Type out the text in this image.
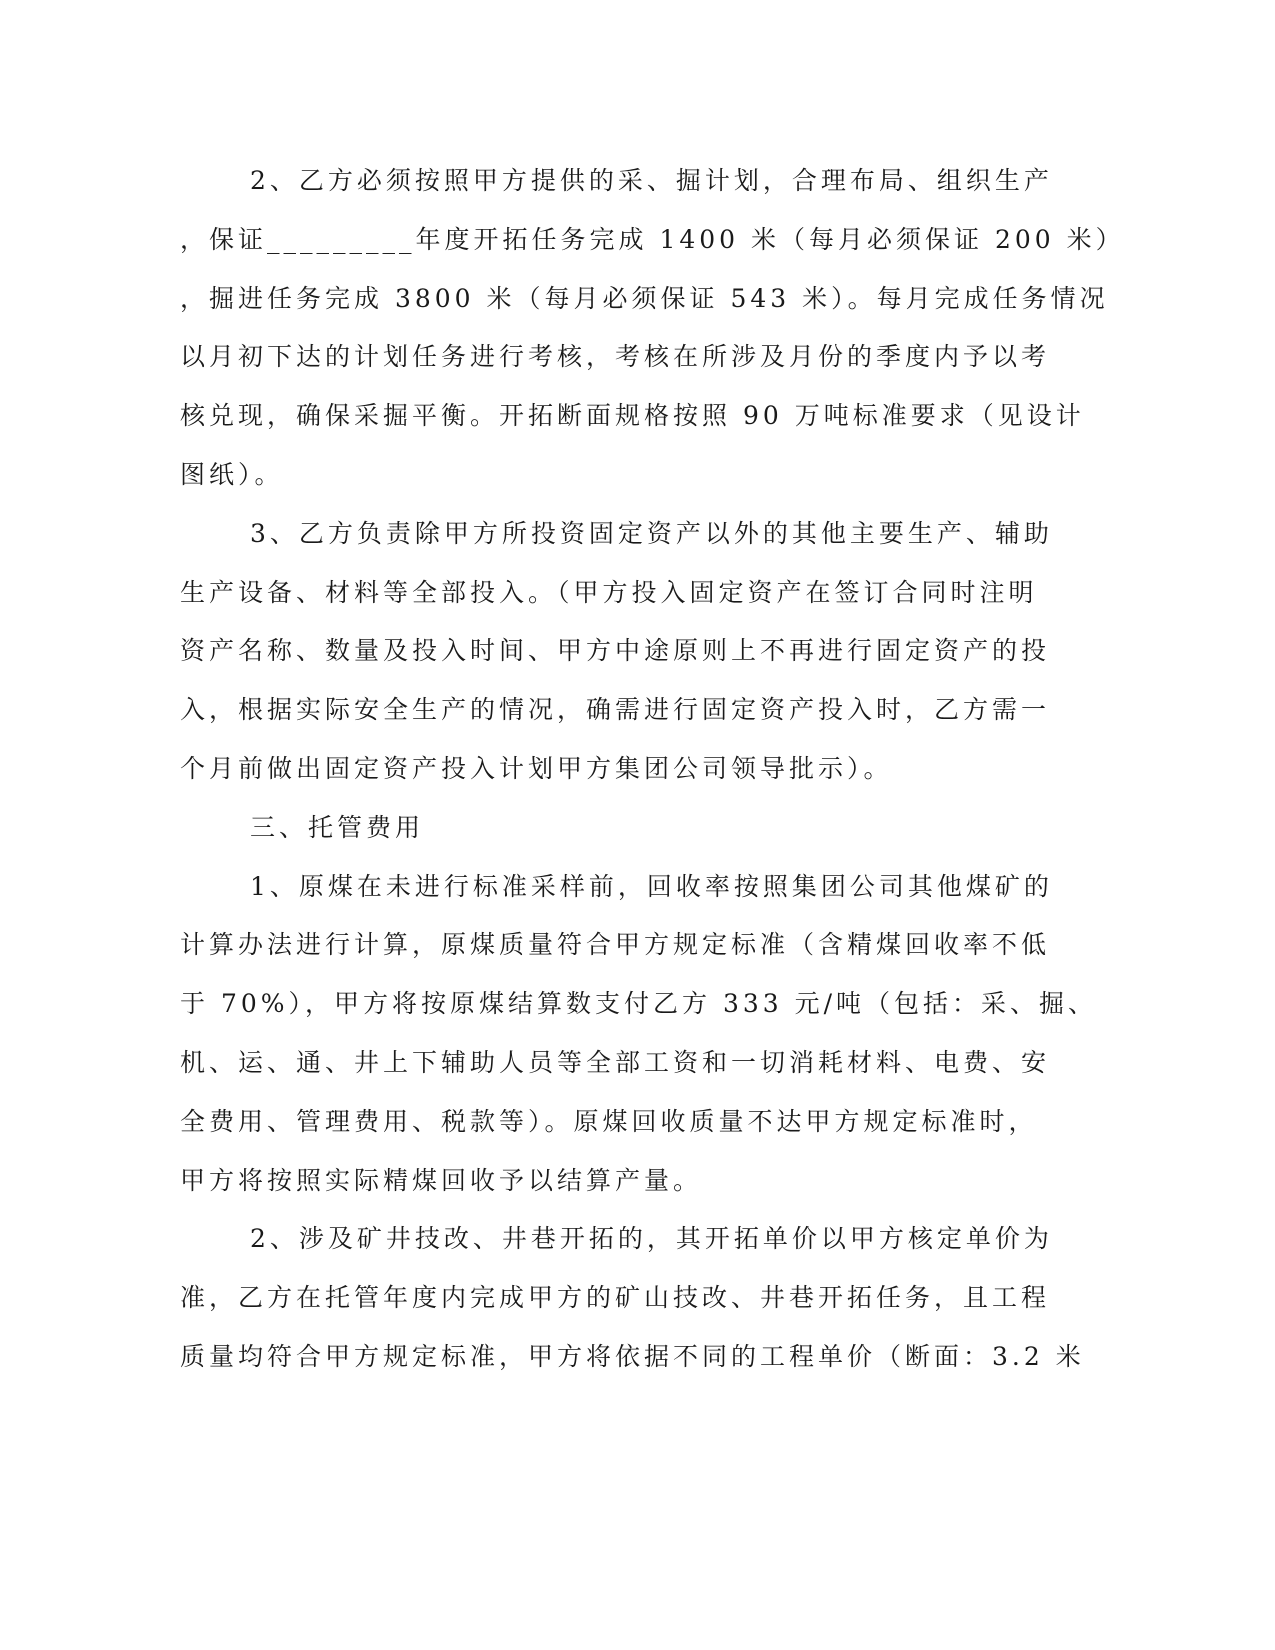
2、乙方必须按照甲方提供的采、掘计划，合理布局、组织生产
，保证_________年度开拓任务完成 1400 米（每月必须保证 200 米）
，掘进任务完成 3800 米（每月必须保证 543 米）。每月完成任务情况
以月初下达的计划任务进行考核，考核在所涉及月份的季度内予以考
核兑现，确保采掘平衡。开拓断面规格按照 90 万吨标准要求（见设计
图纸）。
3、乙方负责除甲方所投资固定资产以外的其他主要生产、辅助
生产设备、材料等全部投入。（甲方投入固定资产在签订合同时注明
资产名称、数量及投入时间、甲方中途原则上不再进行固定资产的投
入，根据实际安全生产的情况，确需进行固定资产投入时，乙方需一
个月前做出固定资产投入计划甲方集团公司领导批示）。
三、托管费用
1、原煤在未进行标准采样前，回收率按照集团公司其他煤矿的
计算办法进行计算，原煤质量符合甲方规定标准（含精煤回收率不低
于 70%），甲方将按原煤结算数支付乙方 333 元/吨（包括：采、掘、
机、运、通、井上下辅助人员等全部工资和一切消耗材料、电费、安
全费用、管理费用、税款等）。原煤回收质量不达甲方规定标准时，
甲方将按照实际精煤回收予以结算产量。
2、涉及矿井技改、井巷开拓的，其开拓单价以甲方核定单价为
准，乙方在托管年度内完成甲方的矿山技改、井巷开拓任务，且工程
质量均符合甲方规定标准，甲方将依据不同的工程单价（断面：3.2 米
